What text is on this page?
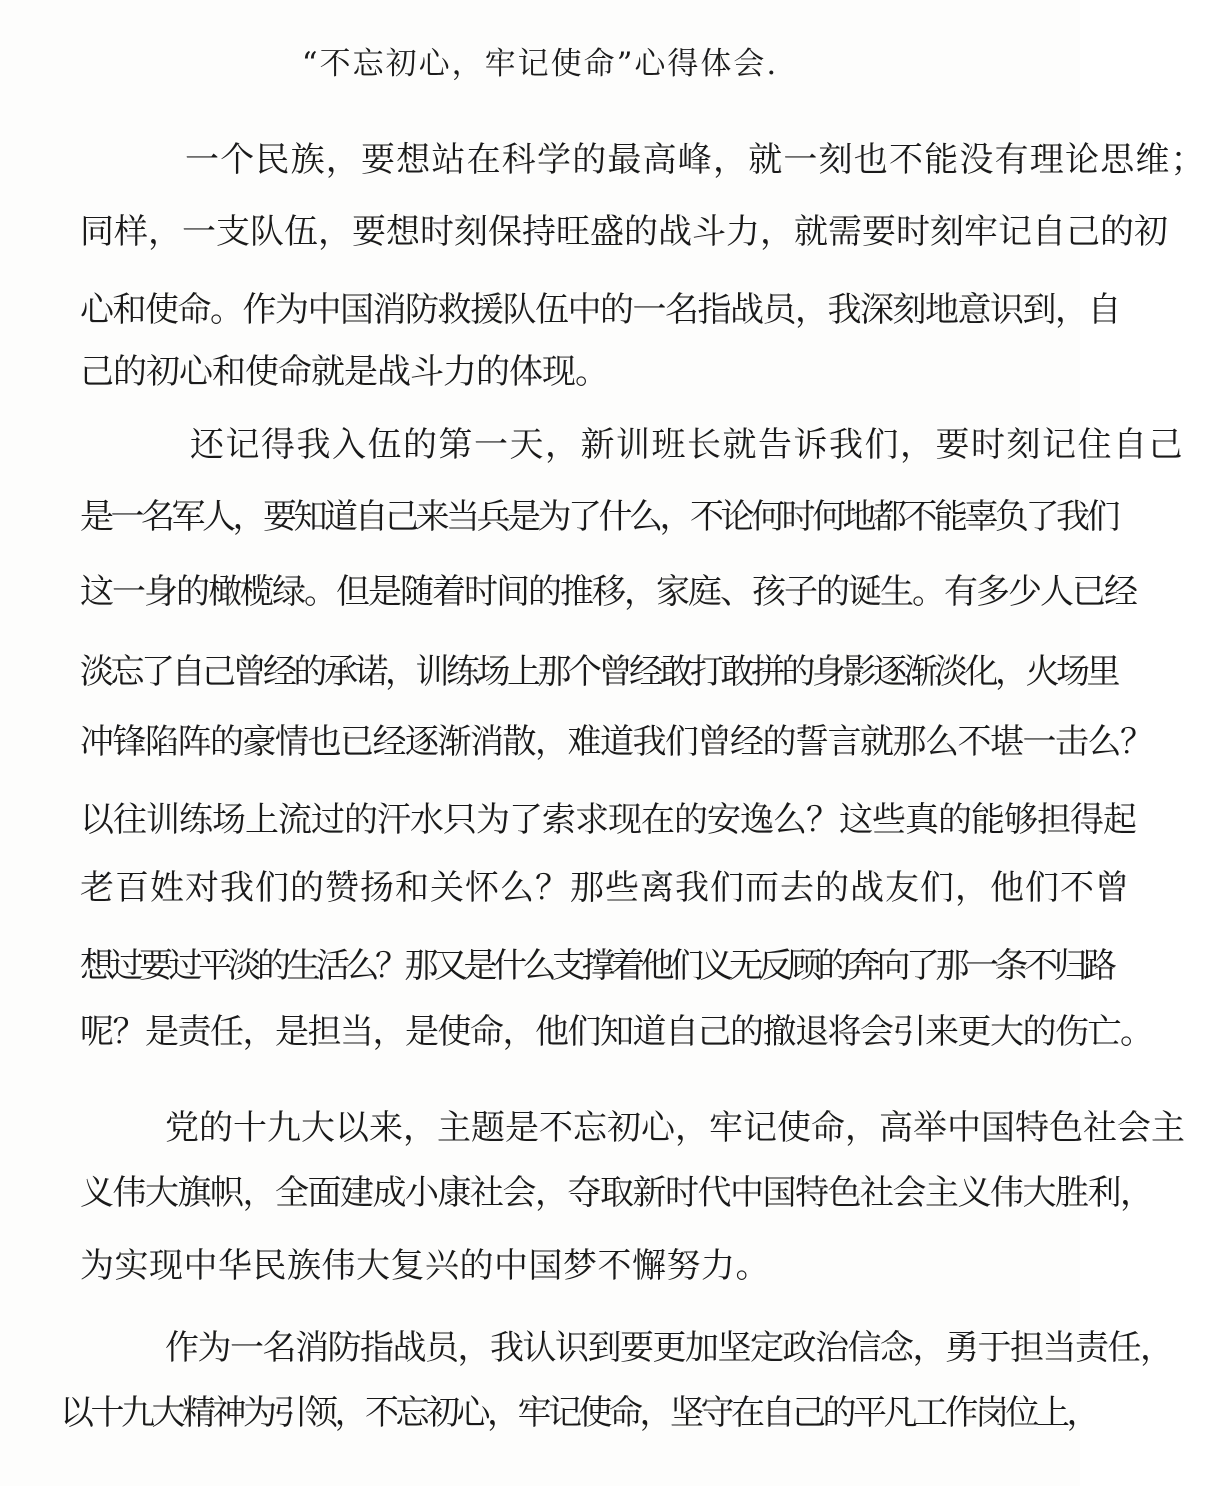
“不忘初心，牢记使命”心得体会.
一个民族，要想站在科学的最高峰，就一刻也不能没有理论思维；
同样，一支队伍，要想时刻保持旺盛的战斗力，就需要时刻牢记自己的初
心和使命。作为中国消防救援队伍中的一名指战员，我深刻地意识到，自
己的初心和使命就是战斗力的体现。
还记得我入伍的第一天，新训班长就告诉我们，要时刻记住自己
是一名军人，要知道自己来当兵是为了什么，不论何时何地都不能辜负了我们
这一身的橄榄绿。但是随着时间的推移，家庭、孩子的诞生。有多少人已经
淡忘了自己曾经的承诺，训练场上那个曾经敢打敢拼的身影逐渐淡化，火场里
冲锋陷阵的豪情也已经逐渐消散，难道我们曾经的誓言就那么不堪一击么？
以往训练场上流过的汗水只为了索求现在的安逸么？这些真的能够担得起
老百姓对我们的赞扬和关怀么？那些离我们而去的战友们，他们不曾
想过要过平淡的生活么？那又是什么支撑着他们义无反顾的奔向了那一条不归路
呢？是责任，是担当，是使命，他们知道自己的撤退将会引来更大的伤亡。
党的十九大以来，主题是不忘初心，牢记使命，高举中国特色社会主
义伟大旗帜，全面建成小康社会，夺取新时代中国特色社会主义伟大胜利，
为实现中华民族伟大复兴的中国梦不懈努力。
作为一名消防指战员，我认识到要更加坚定政治信念，勇于担当责任，
以十九大精神为引领，不忘初心，牢记使命，坚守在自己的平凡工作岗位上，
